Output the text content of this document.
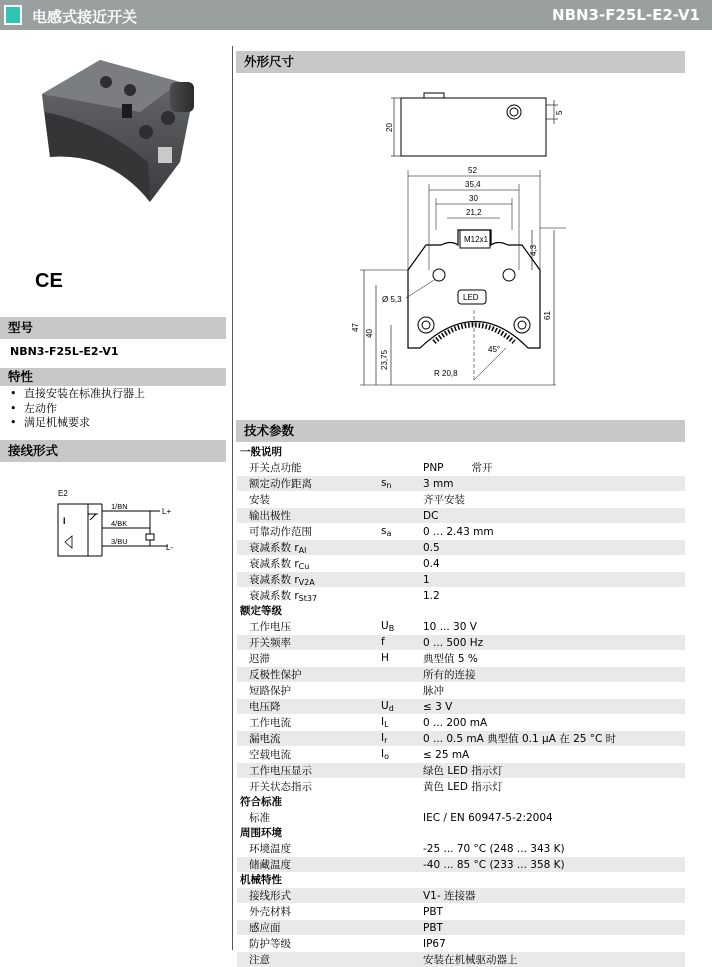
电感式接近开关	NBN3-F25L-E2-V1
CE
型号
NBN3-F25L-E2-V1
特性
• 直接安装在标准执行器上
• 左动作
• 满足机械要求
接线形式
E2
I
1/BN
4/BK
3/BU
L+
L-
外形尺寸
20
5
52
35,4
30
21,2
M12x1
LED
45°
R 20,8
47
40
23,75
Ø 5,3
61
4,3
技术参数
一般说明		
开关点功能		PNP 常开
额定动作距离	$s_n$	3 mm
安装		齐平安装
输出极性		DC
可靠动作范围	$s_a$	0 ... 2.43 mm
衰减系数 $r_{Al}$		0.5
衰减系数 $r_{Cu}$		0.4
衰减系数 $r_{V2A}$		1
衰减系数 $r_{St37}$		1.2
额定等级		
工作电压	$U_B$	10 ... 30 V
开关频率	f	0 ... 500 Hz
迟滞	H	典型值 5 %
反极性保护		所有的连接
短路保护		脉冲
电压降	$U_d$	≤ 3 V
工作电流	$I_L$	0 ... 200 mA
漏电流	$I_r$	0 ... 0.5 mA 典型值 0.1 µA 在 25 °C 时
空载电流	$I_o$	≤ 25 mA
工作电压显示		绿色 LED 指示灯
开关状态指示		黄色 LED 指示灯
符合标准		
标准		IEC / EN 60947-5-2:2004
周围环境		
环境温度		-25 ... 70 °C (248 ... 343 K)
储藏温度		-40 ... 85 °C (233 ... 358 K)
机械特性		
接线形式		V1- 连接器
外壳材料		PBT
感应面		PBT
防护等级		IP67
注意		安装在机械驱动器上
